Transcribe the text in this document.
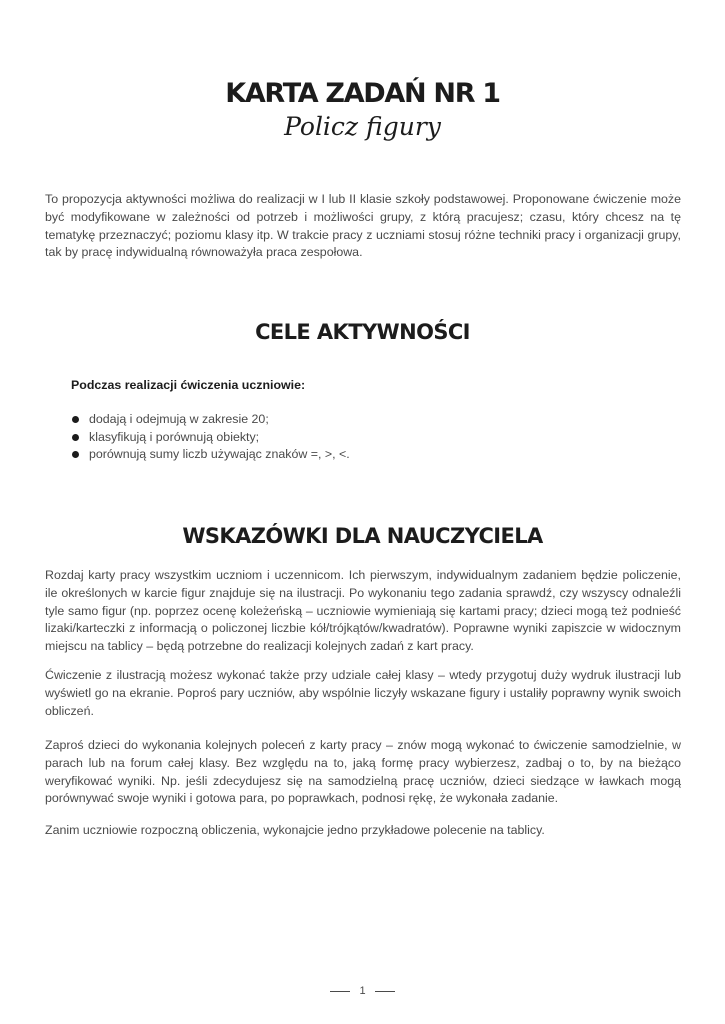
KARTA ZADAŃ NR 1
Policz figury

To propozycja aktywności możliwa do realizacji w I lub II klasie szkoły podstawowej. Proponowane ćwiczenie może być modyfikowane w zależności od potrzeb i możliwości grupy, z którą pracujesz; czasu, który chcesz na tę tematykę przeznaczyć; poziomu klasy itp. W trakcie pracy z uczniami stosuj różne techniki pracy i organizacji grupy, tak by pracę indywidualną równoważyła praca zespołowa.

CELE AKTYWNOŚCI

Podczas realizacji ćwiczenia uczniowie:

dodają i odejmują w zakresie 20;
klasyfikują i porównują obiekty;
porównują sumy liczb używając znaków =, >, <.
WSKAZÓWKI DLA NAUCZYCIELA

Rozdaj karty pracy wszystkim uczniom i uczennicom. Ich pierwszym, indywidualnym zadaniem będzie policzenie, ile określonych w karcie figur znajduje się na ilustracji. Po wykonaniu tego zadania sprawdź, czy wszyscy odnaleźli tyle samo figur (np. poprzez ocenę koleżeńską – uczniowie wymieniają się kartami pracy; dzieci mogą też podnieść lizaki/karteczki z informacją o policzonej liczbie kół/trójkątów/kwadratów). Poprawne wyniki zapiszcie w widocznym miejscu na tablicy – będą potrzebne do realizacji kolejnych zadań z kart pracy.

Ćwiczenie z ilustracją możesz wykonać także przy udziale całej klasy – wtedy przygotuj duży wydruk ilustracji lub wyświetl go na ekranie. Poproś pary uczniów, aby wspólnie liczyły wskazane figury i ustaliły poprawny wynik swoich obliczeń.

Zaproś dzieci do wykonania kolejnych poleceń z karty pracy – znów mogą wykonać to ćwiczenie samodzielnie, w parach lub na forum całej klasy. Bez względu na to, jaką formę pracy wybierzesz, zadbaj o to, by na bieżąco weryfikować wyniki. Np. jeśli zdecydujesz się na samodzielną pracę uczniów, dzieci siedzące w ławkach mogą porównywać swoje wyniki i gotowa para, po poprawkach, podnosi rękę, że wykonała zadanie.

Zanim uczniowie rozpoczną obliczenia, wykonajcie jedno przykładowe polecenie na tablicy.

1
